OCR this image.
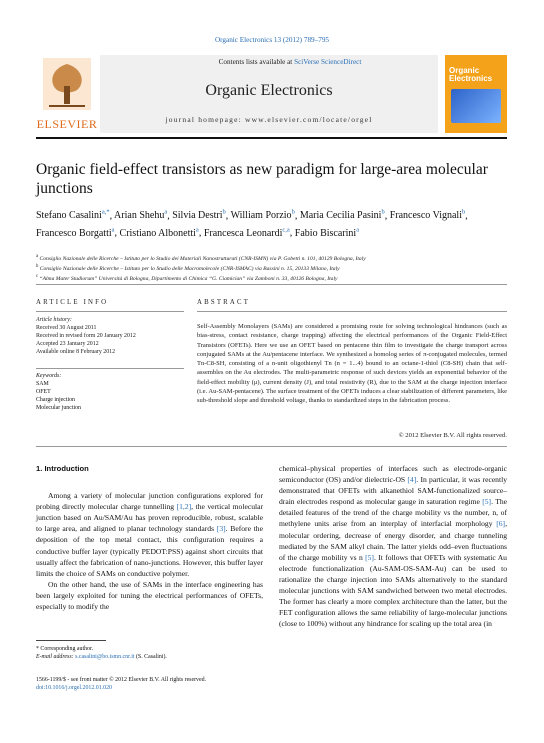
Organic Electronics 13 (2012) 789–795
ELSEVIER
Contents lists available at SciVerse ScienceDirect
Organic Electronics
journal homepage: www.elsevier.com/locate/orgel
Organic
Electronics
Organic field-effect transistors as new paradigm for large-area molecular junctions
Stefano Casalini$^{a,*}$, Arian Shehu$^a$, Silvia Destri$^b$, William Porzio$^b$, Maria Cecilia Pasini$^b$, Francesco Vignali$^b$, Francesco Borgatti$^a$, Cristiano Albonetti$^a$, Francesca Leonardi$^{c,a}$, Fabio Biscarini$^a$
$^a$ Consiglio Nazionale delle Ricerche – Istituto per lo Studio dei Materiali Nanostrutturati (CNR-ISMN) via P. Gobetti n. 101, 40129 Bologna, Italy
$^b$ Consiglio Nazionale delle Ricerche – Istituto per lo Studio delle Macromolecole (CNR-ISMAC) via Bassini n. 15, 20133 Milano, Italy
$^c$ “Alma Mater Studiorum” Università di Bologna, Dipartimento di Chimica “G. Ciamician” via Zamboni n. 33, 40126 Bologna, Italy
ARTICLE INFO	ABSTRACT
Article history:
Received 30 August 2011
Received in revised form 20 January 2012
Accepted 23 January 2012
Available online 8 February 2012
Keywords:
SAM
OFET
Charge injection
Molecular junction
Self-Assembly Monolayers (SAMs) are considered a promising route for solving technological hindrances (such as bias-stress, contact resistance, charge trapping) affecting the electrical performances of the Organic Field-Effect Transistors (OFETs). Here we use an OFET based on pentacene thin film to investigate the charge transport across conjugated SAMs at the Au/pentacene interface. We synthesized a homolog series of π-conjugated molecules, termed Tn-C8-SH, consisting of a n-unit oligothienyl Tn (n = 1...4) bound to an octane-1-thiol (C8-SH) chain that self-assembles on the Au electrodes. The multi-parametric response of such devices yields an exponential behavior of the field-effect mobility (μ), current density (J), and total resistivity (R), due to the SAM at the charge injection interface (i.e. Au-SAM-pentacene). The surface treatment of the OFETs induces a clear stabilization of different parameters, like sub-threshold slope and threshold voltage, thanks to standardized steps in the fabrication process.
© 2012 Elsevier B.V. All rights reserved.
1. Introduction

Among a variety of molecular junction configurations explored for probing directly molecular charge tunnelling [1,2], the vertical molecular junction based on Au/SAM/Au has proven reproducible, robust, scalable to large area, and aligned to planar technology standards [3]. Before the deposition of the top metal contact, this configuration requires a conductive buffer layer (typically PEDOT:PSS) against short circuits that usually affect the fabrication of nano-junctions. However, this buffer layer limits the choice of SAMs on conductive polymer.

On the other hand, the use of SAMs in the interface engineering has been largely exploited for tuning the electrical performances of OFETs, especially to modify the

chemical–physical properties of interfaces such as electrode-organic semiconductor (OS) and/or dielectric-OS [4]. In particular, it was recently demonstrated that OFETs with alkanethiol SAM-functionalized source–drain electrodes respond as molecular gauge in saturation regime [5]. The detailed features of the trend of the charge mobility vs the number, n, of methylene units arise from an interplay of interfacial morphology [6], molecular ordering, decrease of energy disorder, and charge tunneling mediated by the SAM alkyl chain. The latter yields odd–even fluctuations of the charge mobility vs n [5]. It follows that OFETs with systematic Au electrode functionalization (Au-SAM-OS-SAM-Au) can be used to rationalize the charge injection into SAMs alternatively to the standard molecular junctions with SAM sandwiched between two metal electrodes. The former has clearly a more complex architecture than the latter, but the FET configuration allows the same reliability of large-molecular junctions (close to 100%) without any hindrance for scaling up the total area (in

* Corresponding author.
E-mail address: s.casalini@bo.ismn.cnr.it (S. Casalini).
1566-1199/$ - see front matter © 2012 Elsevier B.V. All rights reserved.
doi:10.1016/j.orgel.2012.01.020
